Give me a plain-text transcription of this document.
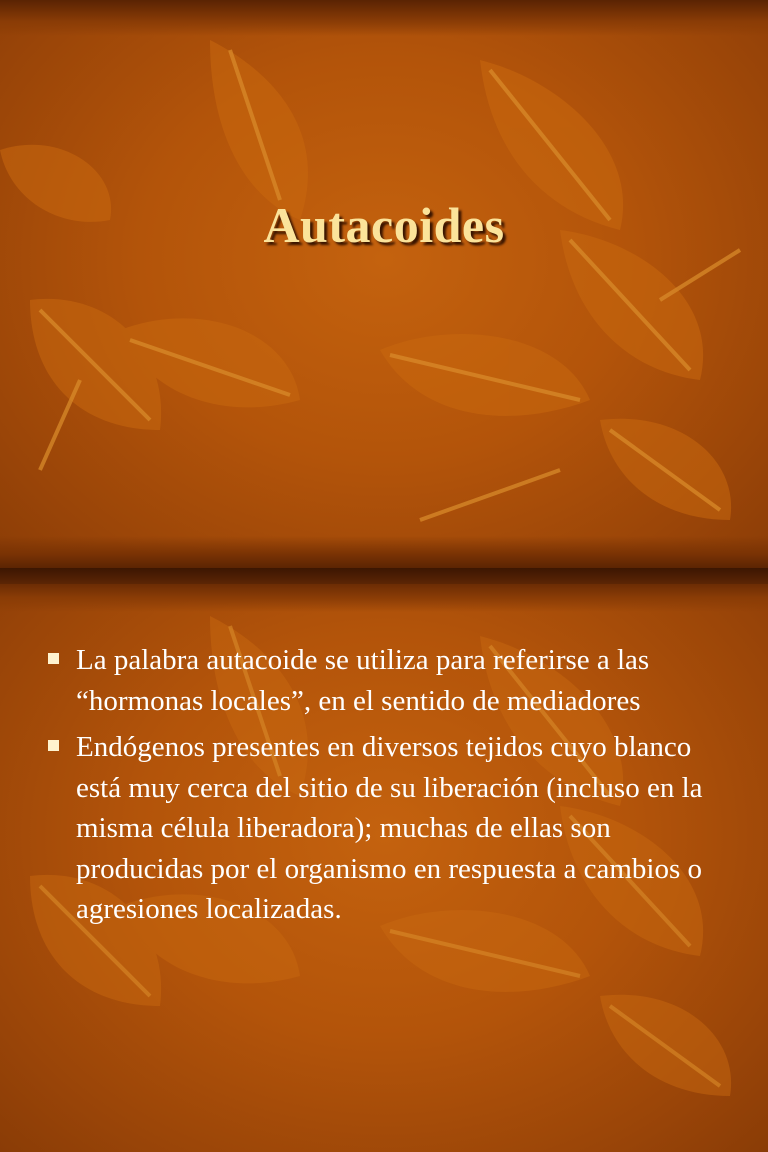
Autacoides
La palabra autacoide se utiliza para referirse a las “hormonas locales”, en el sentido de mediadores
Endógenos presentes en diversos tejidos cuyo blanco está muy cerca del sitio de su liberación (incluso en la misma célula liberadora); muchas de ellas son producidas por el organismo en respuesta a cambios o agresiones localizadas.
